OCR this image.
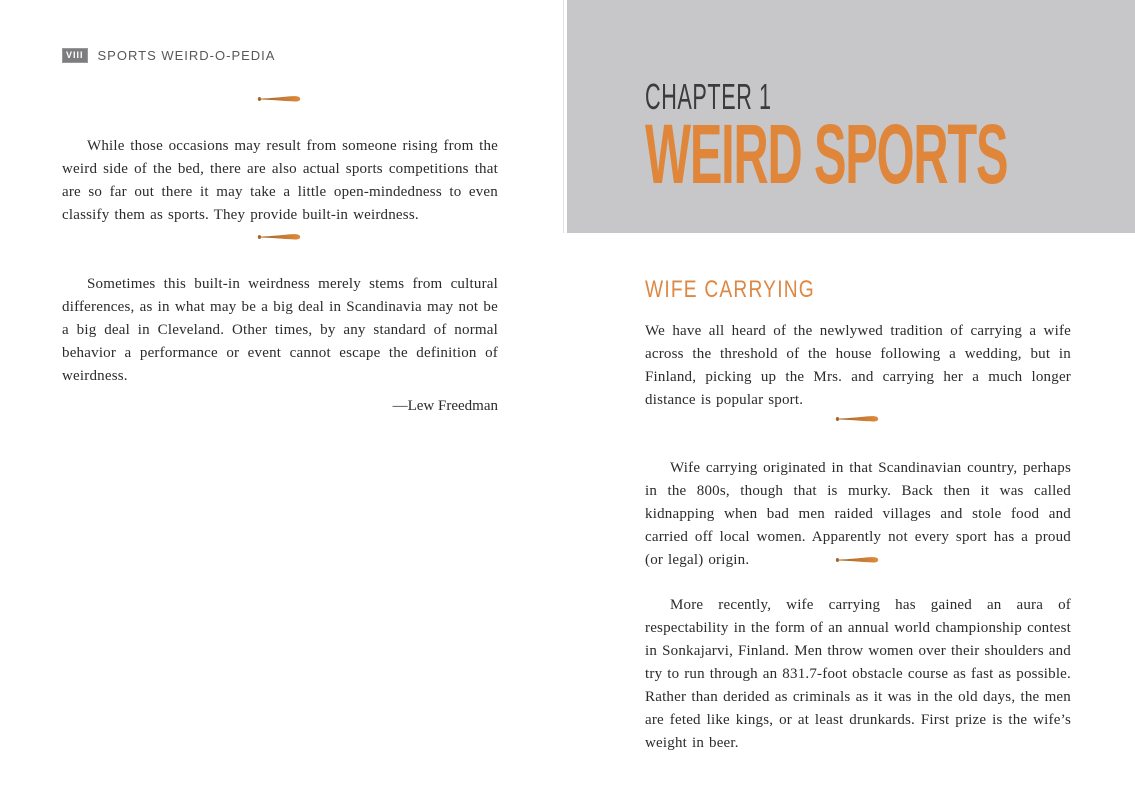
VIII	SPORTS WEIRD-O-PEDIA

While those occasions may result from someone rising from the weird side of the bed, there are also actual sports competitions that are so far out there it may take a little open-mindedness to even classify them as sports. They provide built-in weirdness.

Sometimes this built-in weirdness merely stems from cultural differences, as in what may be a big deal in Scandinavia may not be a big deal in Cleveland. Other times, by any standard of normal behavior a performance or event cannot escape the definition of weirdness.

—Lew Freedman
CHAPTER 1
WEIRD SPORTS
WIFE CARRYING

We have all heard of the newlywed tradition of carrying a wife across the threshold of the house following a wedding, but in Finland, picking up the Mrs. and carrying her a much longer distance is popular sport.

Wife carrying originated in that Scandinavian country, perhaps in the 800s, though that is murky. Back then it was called kidnapping when bad men raided villages and stole food and carried off local women. Apparently not every sport has a proud (or legal) origin.

More recently, wife carrying has gained an aura of respectability in the form of an annual world championship contest in Sonkajarvi, Finland. Men throw women over their shoulders and try to run through an 831.7-foot obstacle course as fast as possible. Rather than derided as criminals as it was in the old days, the men are feted like kings, or at least drunkards. First prize is the wife’s weight in beer.
